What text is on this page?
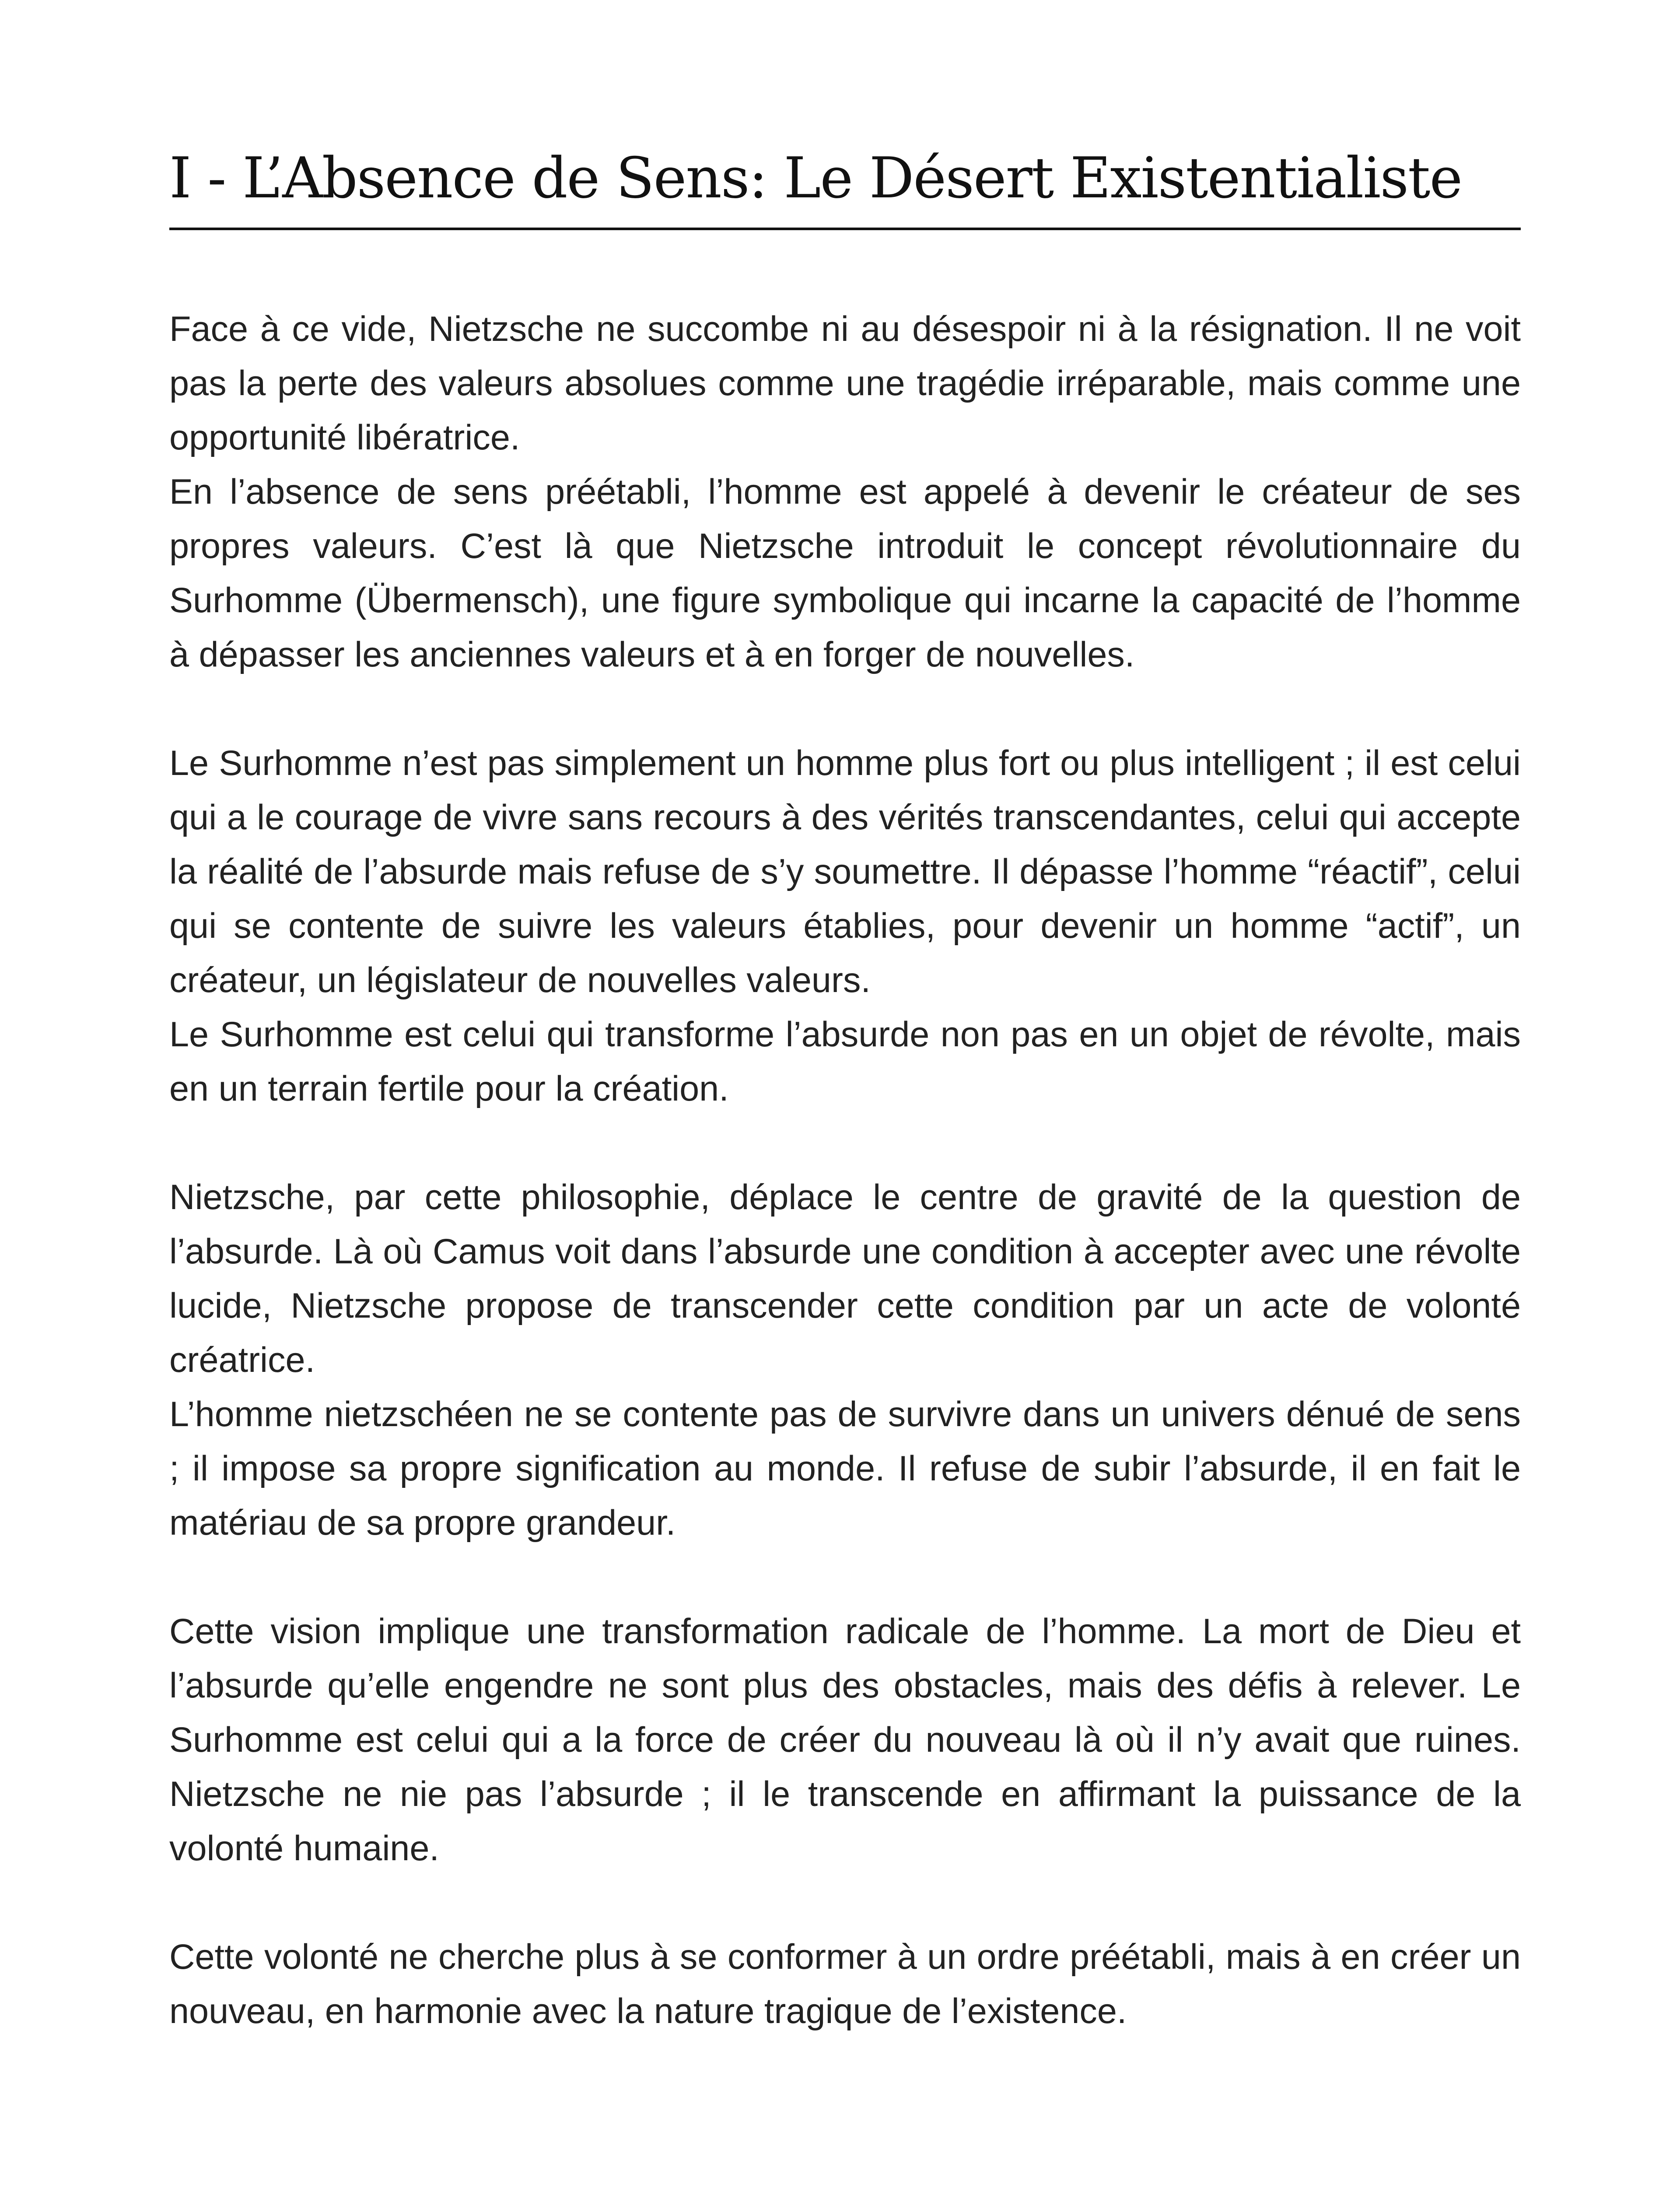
I - L’Absence de Sens: Le Désert Existentialiste

Face à ce vide, Nietzsche ne succombe ni au désespoir ni à la résignation. Il ne voit pas la perte des valeurs absolues comme une tragédie irréparable, mais comme une opportunité libératrice.

En l’absence de sens préétabli, l’homme est appelé à devenir le créateur de ses propres valeurs. C’est là que Nietzsche introduit le concept révolutionnaire du Surhomme (Übermensch), une figure symbolique qui incarne la capacité de l’homme à dépasser les anciennes valeurs et à en forger de nouvelles.

Le Surhomme n’est pas simplement un homme plus fort ou plus intelligent ; il est celui qui a le courage de vivre sans recours à des vérités transcendantes, celui qui accepte la réalité de l’absurde mais refuse de s’y soumettre. Il dépasse l’homme “réactif”, celui qui se contente de suivre les valeurs établies, pour devenir un homme “actif”, un créateur, un législateur de nouvelles valeurs.

Le Surhomme est celui qui transforme l’absurde non pas en un objet de révolte, mais en un terrain fertile pour la création.

Nietzsche, par cette philosophie, déplace le centre de gravité de la question de l’absurde. Là où Camus voit dans l’absurde une condition à accepter avec une révolte lucide, Nietzsche propose de transcender cette condition par un acte de volonté créatrice.

L’homme nietzschéen ne se contente pas de survivre dans un univers dénué de sens ; il impose sa propre signification au monde. Il refuse de subir l’absurde, il en fait le matériau de sa propre grandeur.

Cette vision implique une transformation radicale de l’homme. La mort de Dieu et l’absurde qu’elle engendre ne sont plus des obstacles, mais des défis à relever. Le Surhomme est celui qui a la force de créer du nouveau là où il n’y avait que ruines. Nietzsche ne nie pas l’absurde ; il le transcende en affirmant la puissance de la volonté humaine.

Cette volonté ne cherche plus à se conformer à un ordre préétabli, mais à en créer un nouveau, en harmonie avec la nature tragique de l’existence.
